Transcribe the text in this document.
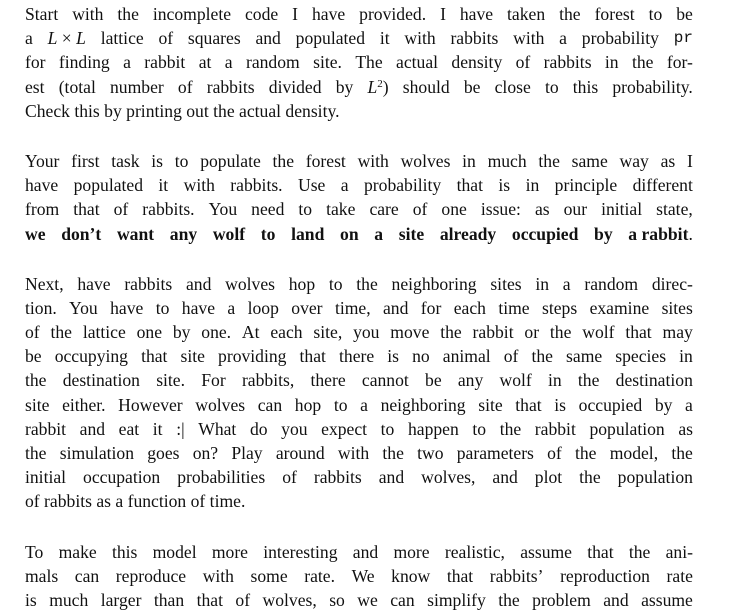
Start with the incomplete code I have provided. I have taken the forest to be
a L × L lattice of squares and populated it with rabbits with a probability pr
for finding a rabbit at a random site. The actual density of rabbits in the for-
est (total number of rabbits divided by $L^2$) should be close to this probability.
Check this by printing out the actual density.
Your first task is to populate the forest with wolves in much the same way as I
have populated it with rabbits. Use a probability that is in principle different
from that of rabbits. You need to take care of one issue: as our initial state,
we don’t want any wolf to land on a site already occupied by a rabbit.
Next, have rabbits and wolves hop to the neighboring sites in a random direc-
tion. You have to have a loop over time, and for each time steps examine sites
of the lattice one by one. At each site, you move the rabbit or the wolf that may
be occupying that site providing that there is no animal of the same species in
the destination site. For rabbits, there cannot be any wolf in the destination
site either. However wolves can hop to a neighboring site that is occupied by a
rabbit and eat it :| What do you expect to happen to the rabbit population as
the simulation goes on? Play around with the two parameters of the model, the
initial occupation probabilities of rabbits and wolves, and plot the population
of rabbits as a function of time.
To make this model more interesting and more realistic, assume that the ani-
mals can reproduce with some rate. We know that rabbits’ reproduction rate
is much larger than that of wolves, so we can simplify the problem and assume
